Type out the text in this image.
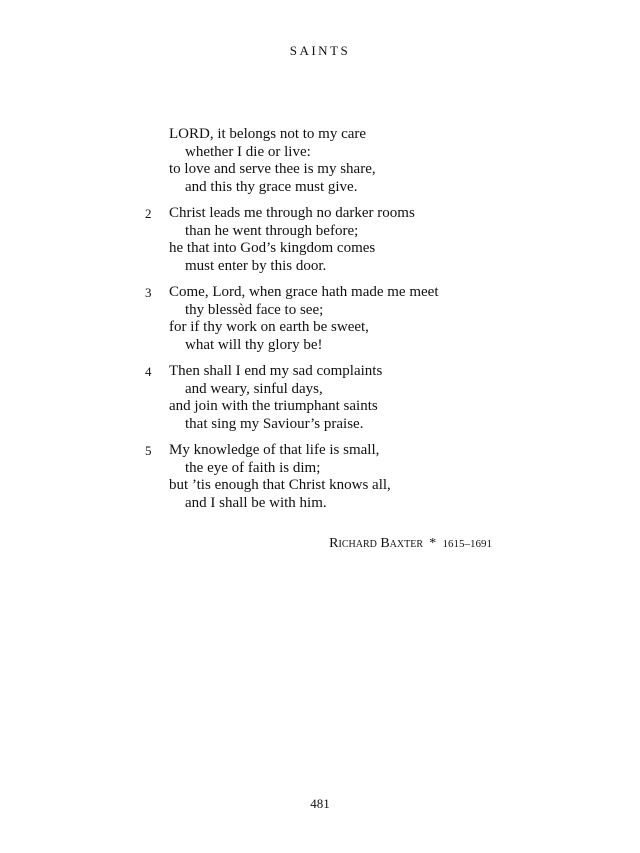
SAINTS
LORD, it belongs not to my care
whether I die or live:
to love and serve thee is my share,
and this thy grace must give.
2 Christ leads me through no darker rooms
than he went through before;
he that into God’s kingdom comes
must enter by this door.
3 Come, Lord, when grace hath made me meet
thy blessèd face to see;
for if thy work on earth be sweet,
what will thy glory be!
4 Then shall I end my sad complaints
and weary, sinful days,
and join with the triumphant saints
that sing my Saviour’s praise.
5 My knowledge of that life is small,
the eye of faith is dim;
but ’tis enough that Christ knows all,
and I shall be with him.
Richard Baxter * 1615–1691
481
